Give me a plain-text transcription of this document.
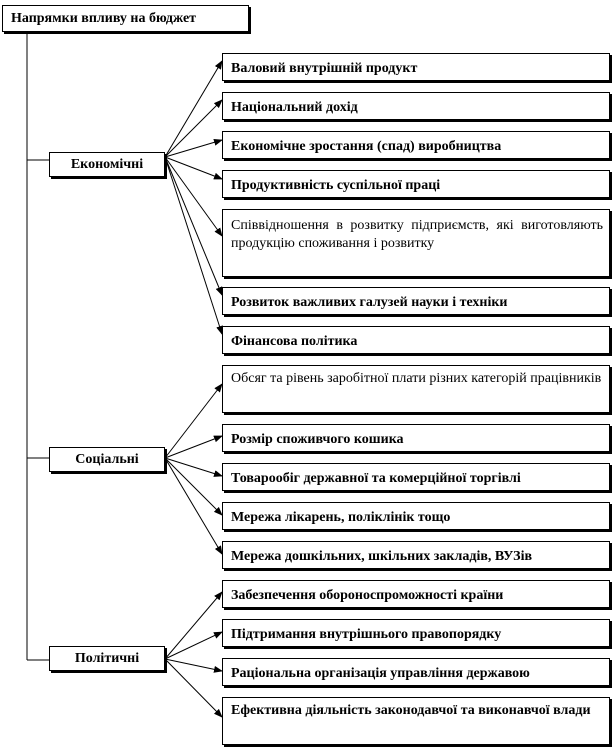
Напрямки впливу на бюджет
Економічні
Соціальні
Політичні
Валовий внутрішній продукт
Національний дохід
Економічне зростання (спад) виробництва
Продуктивність суспільної праці
Співвідношення в розвитку підприємств, які виготовляють продукцію споживання і розвитку
Розвиток важливих галузей науки і техніки
Фінансова політика
Обсяг та рівень заробітної плати різних категорій працівників
Розмір споживчого кошика
Товарообіг державної та комерційної торгівлі
Мережа лікарень, поліклінік тощо
Мережа дошкільних, шкільних закладів, ВУЗів
Забезпечення обороноспроможності країни
Підтримання внутрішнього правопорядку
Раціональна організація управління державою
Ефективна діяльність законодавчої та виконавчої влади
